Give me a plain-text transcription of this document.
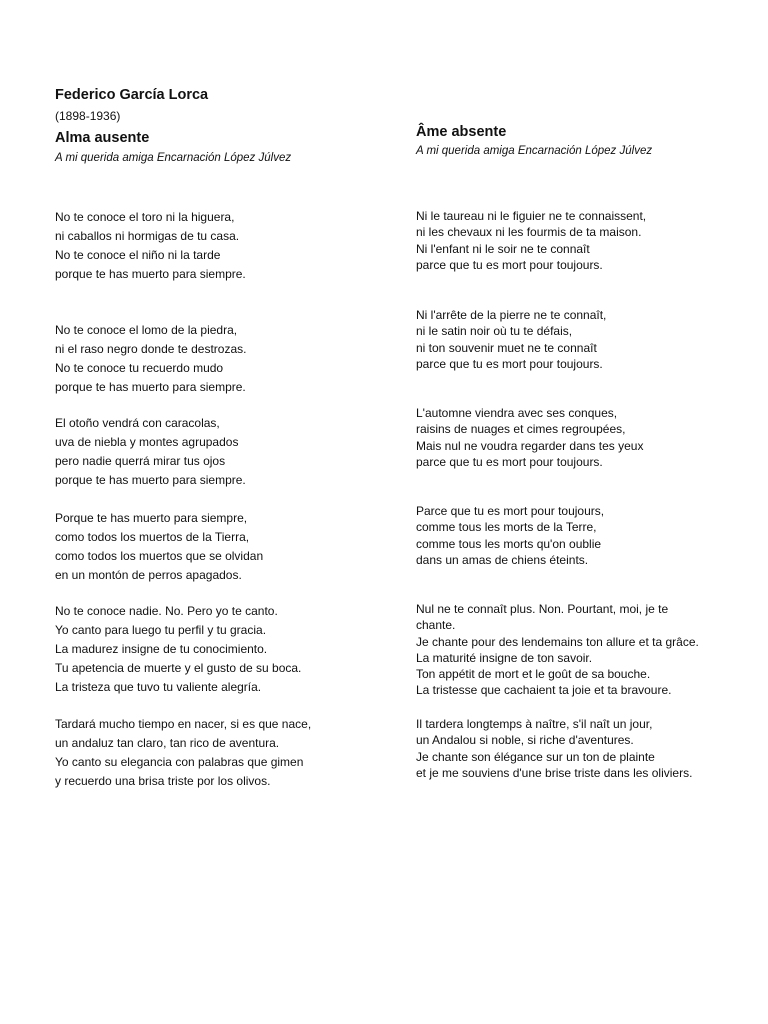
Federico García Lorca
(1898-1936)
Alma ausente
A mi querida amiga Encarnación López Júlvez
No te conoce el toro ni la higuera,
ni caballos ni hormigas de tu casa.
No te conoce el niño ni la tarde
porque te has muerto para siempre.
No te conoce el lomo de la piedra,
ni el raso negro donde te destrozas.
No te conoce tu recuerdo mudo
porque te has muerto para siempre.
El otoño vendrá con caracolas,
uva de niebla y montes agrupados
pero nadie querrá mirar tus ojos
porque te has muerto para siempre.
Porque te has muerto para siempre,
como todos los muertos de la Tierra,
como todos los muertos que se olvidan
en un montón de perros apagados.
No te conoce nadie. No. Pero yo te canto.
Yo canto para luego tu perfil y tu gracia.
La madurez insigne de tu conocimiento.
Tu apetencia de muerte y el gusto de su boca.
La tristeza que tuvo tu valiente alegría.
Tardará mucho tiempo en nacer, si es que nace,
un andaluz tan claro, tan rico de aventura.
Yo canto su elegancia con palabras que gimen
y recuerdo una brisa triste por los olivos.
Âme absente
A mi querida amiga Encarnación López Júlvez
Ni le taureau ni le figuier ne te connaissent,
ni les chevaux ni les fourmis de ta maison.
Ni l'enfant ni le soir ne te connaît
parce que tu es mort pour toujours.
Ni l'arrête de la pierre ne te connaît,
ni le satin noir où tu te défais,
ni ton souvenir muet ne te connaît
parce que tu es mort pour toujours.
L'automne viendra avec ses conques,
raisins de nuages et cimes regroupées,
Mais nul ne voudra regarder dans tes yeux
parce que tu es mort pour toujours.
Parce que tu es mort pour toujours,
comme tous les morts de la Terre,
comme tous les morts qu'on oublie
dans un amas de chiens éteints.
Nul ne te connaît plus. Non. Pourtant, moi, je te
chante.
Je chante pour des lendemains ton allure et ta grâce.
La maturité insigne de ton savoir.
Ton appétit de mort et le goût de sa bouche.
La tristesse que cachaient ta joie et ta bravoure.
Il tardera longtemps à naître, s'il naît un jour,
un Andalou si noble, si riche d'aventures.
Je chante son élégance sur un ton de plainte
et je me souviens d'une brise triste dans les oliviers.
